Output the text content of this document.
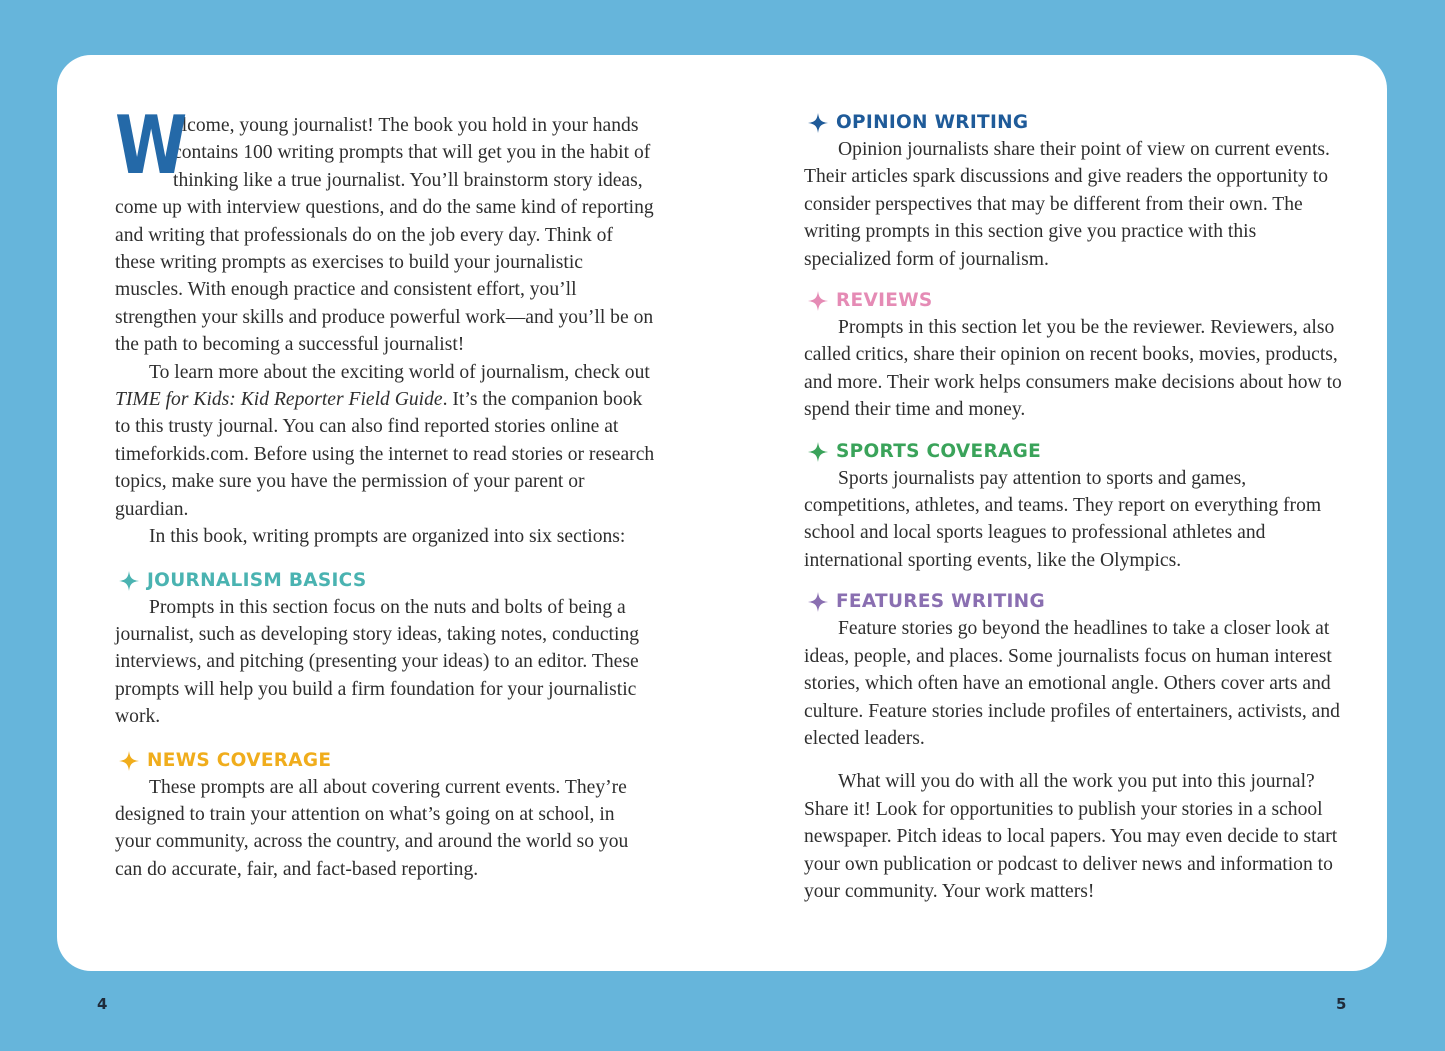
W
elcome, young journalist! The book you hold in your hands contains 100 writing prompts that will get you in the habit of thinking like a true journalist. You’ll brainstorm story ideas, come up with interview questions, and do the same kind of reporting and writing that professionals do on the job every day. Think of these writing prompts as exercises to build your journalistic muscles. With enough practice and consistent effort, you’ll strengthen your skills and produce powerful work—and you’ll be on the path to becoming a successful journalist!

To learn more about the exciting world of journalism, check out TIME for Kids: Kid Reporter Field Guide. It’s the companion book to this trusty journal. You can also find reported stories online at timeforkids.com. Before using the internet to read stories or research topics, make sure you have the permission of your parent or guardian.

In this book, writing prompts are organized into six sections:

JOURNALISM BASICS

Prompts in this section focus on the nuts and bolts of being a journalist, such as developing story ideas, taking notes, conducting interviews, and pitching (presenting your ideas) to an editor. These prompts will help you build a firm foundation for your journalistic work.

NEWS COVERAGE

These prompts are all about covering current events. They’re designed to train your attention on what’s going on at school, in your community, across the country, and around the world so you can do accurate, fair, and fact-based reporting.

OPINION WRITING

Opinion journalists share their point of view on current events. Their articles spark discussions and give readers the opportunity to consider perspectives that may be different from their own. The writing prompts in this section give you practice with this specialized form of journalism.

REVIEWS

Prompts in this section let you be the reviewer. Reviewers, also called critics, share their opinion on recent books, movies, products, and more. Their work helps consumers make decisions about how to spend their time and money.

SPORTS COVERAGE

Sports journalists pay attention to sports and games, competitions, athletes, and teams. They report on everything from school and local sports leagues to professional athletes and international sporting events, like the Olympics.

FEATURES WRITING

Feature stories go beyond the headlines to take a closer look at ideas, people, and places. Some journalists focus on human interest stories, which often have an emotional angle. Others cover arts and culture. Feature stories include profiles of entertainers, activists, and elected leaders.

What will you do with all the work you put into this journal? Share it! Look for opportunities to publish your stories in a school newspaper. Pitch ideas to local papers. You may even decide to start your own publication or podcast to deliver news and information to your community. Your work matters!

4	5
